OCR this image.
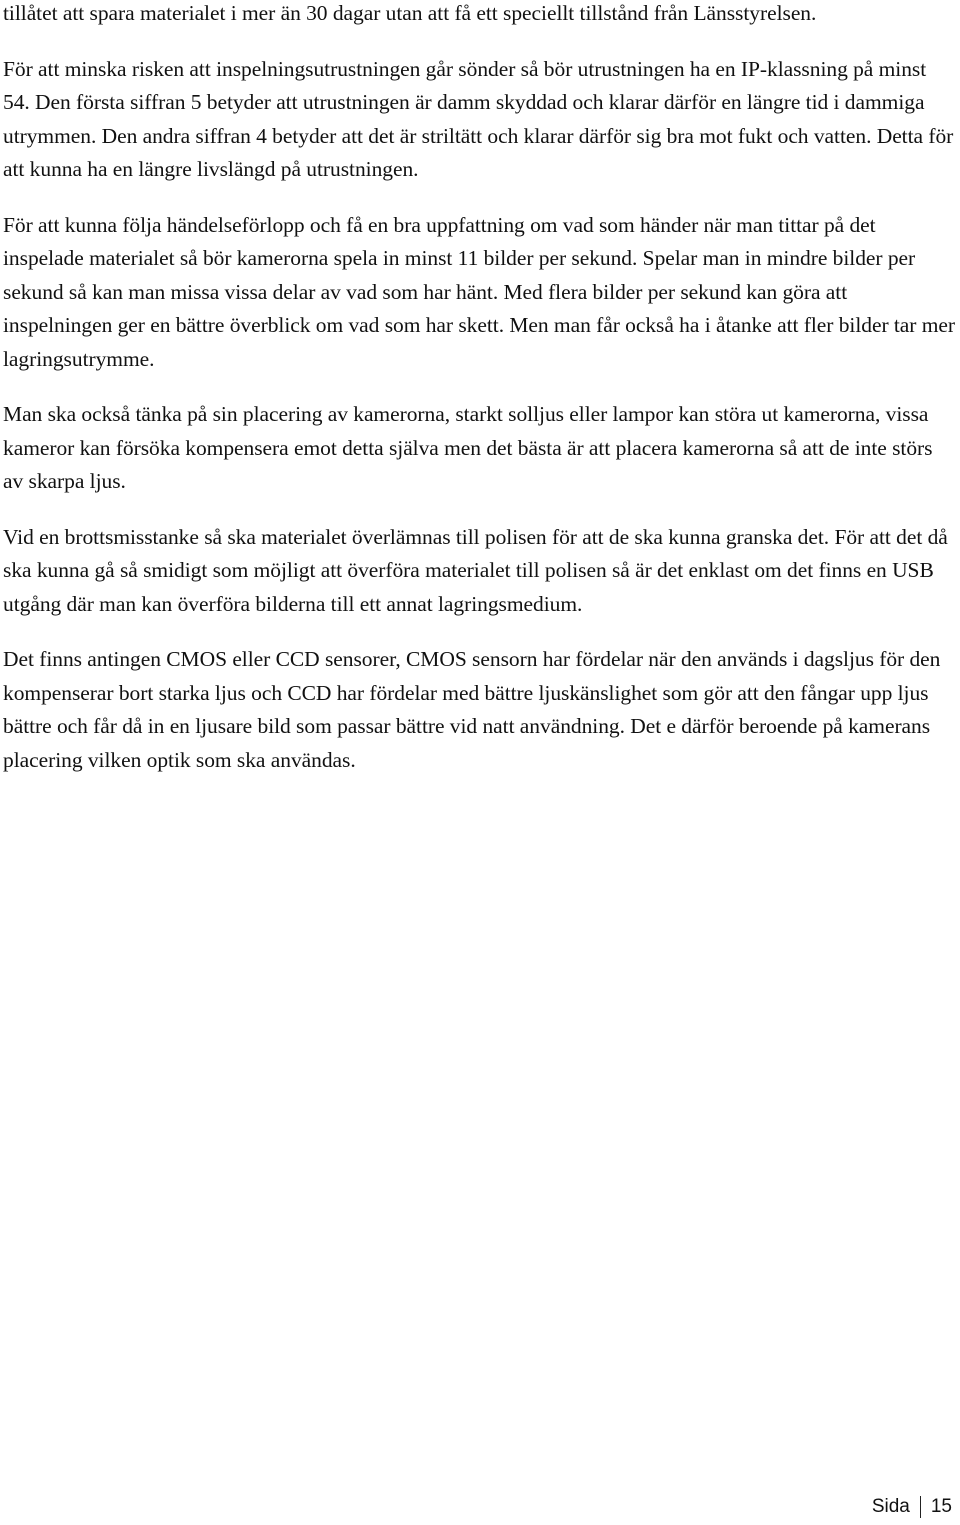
tillåtet att spara materialet i mer än 30 dagar utan att få ett speciellt tillstånd från Länsstyrelsen.

För att minska risken att inspelningsutrustningen går sönder så bör utrustningen ha en IP-klassning på minst 54. Den första siffran 5 betyder att utrustningen är damm skyddad och klarar därför en längre tid i dammiga utrymmen. Den andra siffran 4 betyder att det är striltätt och klarar därför sig bra mot fukt och vatten. Detta för att kunna ha en längre livslängd på utrustningen.

För att kunna följa händelseförlopp och få en bra uppfattning om vad som händer när man tittar på det inspelade materialet så bör kamerorna spela in minst 11 bilder per sekund. Spelar man in mindre bilder per sekund så kan man missa vissa delar av vad som har hänt. Med flera bilder per sekund kan göra att inspelningen ger en bättre överblick om vad som har skett. Men man får också ha i åtanke att fler bilder tar mer lagringsutrymme.

Man ska också tänka på sin placering av kamerorna, starkt solljus eller lampor kan störa ut kamerorna, vissa kameror kan försöka kompensera emot detta själva men det bästa är att placera kamerorna så att de inte störs av skarpa ljus.

Vid en brottsmisstanke så ska materialet överlämnas till polisen för att de ska kunna granska det. För att det då ska kunna gå så smidigt som möjligt att överföra materialet till polisen så är det enklast om det finns en USB utgång där man kan överföra bilderna till ett annat lagringsmedium.

Det finns antingen CMOS eller CCD sensorer, CMOS sensorn har fördelar när den används i dagsljus för den kompenserar bort starka ljus och CCD har fördelar med bättre ljuskänslighet som gör att den fångar upp ljus bättre och får då in en ljusare bild som passar bättre vid natt användning. Det e därför beroende på kamerans placering vilken optik som ska användas.

Sida	15
